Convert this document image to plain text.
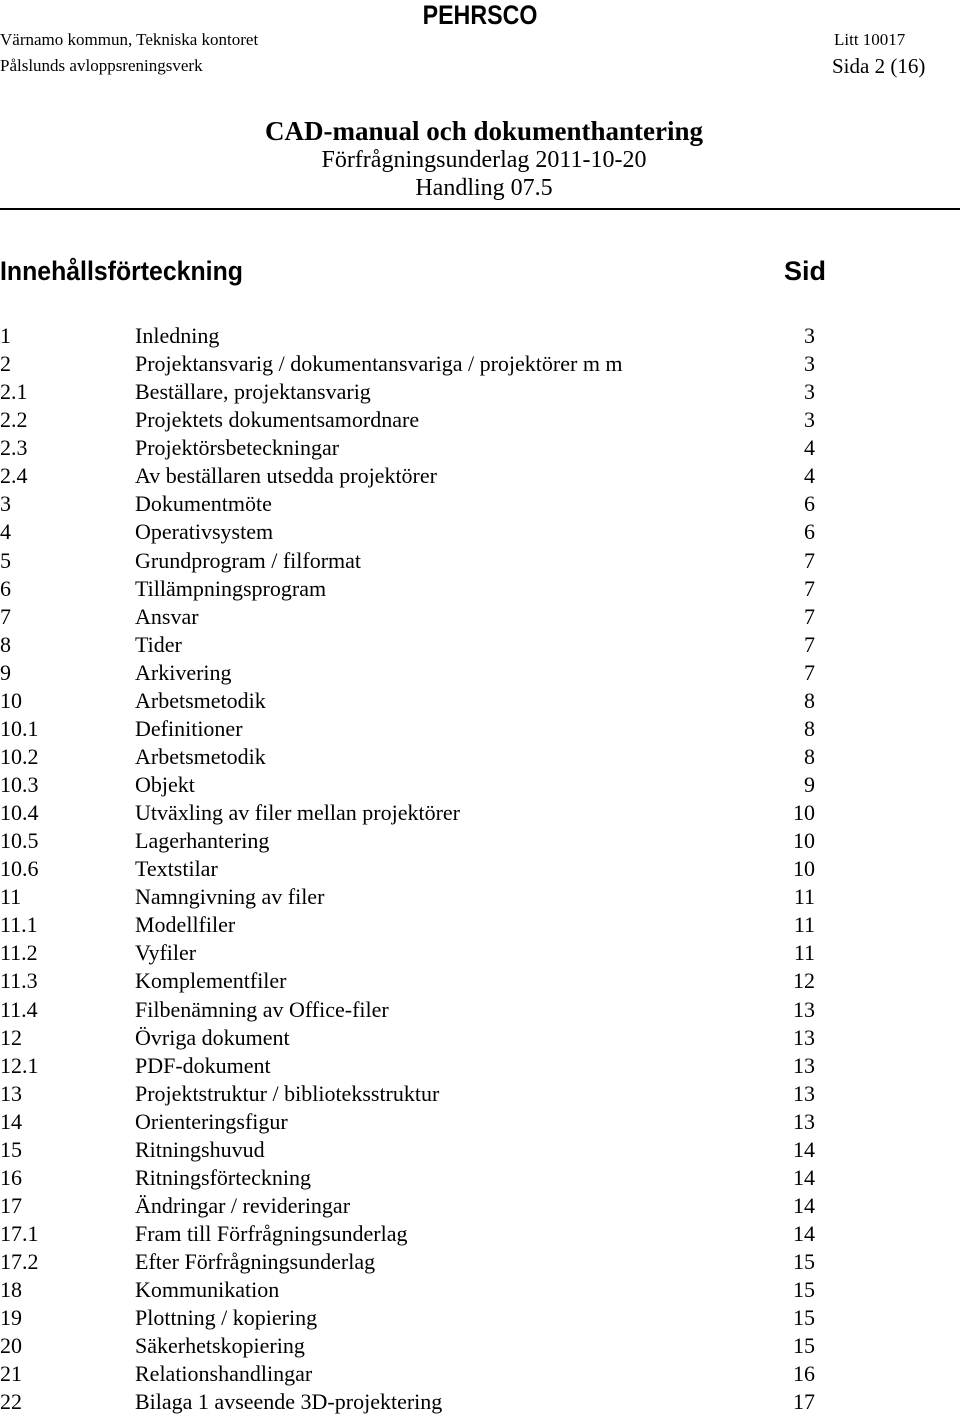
PEHRSCO
Värnamo kommun, Tekniska kontoret	Litt 10017
Pålslunds avloppsreningsverk	Sida 2 (16)
CAD-manual och dokumenthantering
Förfrågningsunderlag 2011-10-20
Handling 07.5
Innehållsförteckning	Sid
1	Inledning	3
2	Projektansvarig / dokumentansvariga / projektörer m m	3
2.1	Beställare, projektansvarig	3
2.2	Projektets dokumentsamordnare	3
2.3	Projektörsbeteckningar	4
2.4	Av beställaren utsedda projektörer	4
3	Dokumentmöte	6
4	Operativsystem	6
5	Grundprogram / filformat	7
6	Tillämpningsprogram	7
7	Ansvar	7
8	Tider	7
9	Arkivering	7
10	Arbetsmetodik	8
10.1	Definitioner	8
10.2	Arbetsmetodik	8
10.3	Objekt	9
10.4	Utväxling av filer mellan projektörer	10
10.5	Lagerhantering	10
10.6	Textstilar	10
11	Namngivning av filer	11
11.1	Modellfiler	11
11.2	Vyfiler	11
11.3	Komplementfiler	12
11.4	Filbenämning av Office-filer	13
12	Övriga dokument	13
12.1	PDF-dokument	13
13	Projektstruktur / biblioteksstruktur	13
14	Orienteringsfigur	13
15	Ritningshuvud	14
16	Ritningsförteckning	14
17	Ändringar / revideringar	14
17.1	Fram till Förfrågningsunderlag	14
17.2	Efter Förfrågningsunderlag	15
18	Kommunikation	15
19	Plottning / kopiering	15
20	Säkerhetskopiering	15
21	Relationshandlingar	16
22	Bilaga 1 avseende 3D-projektering	17
